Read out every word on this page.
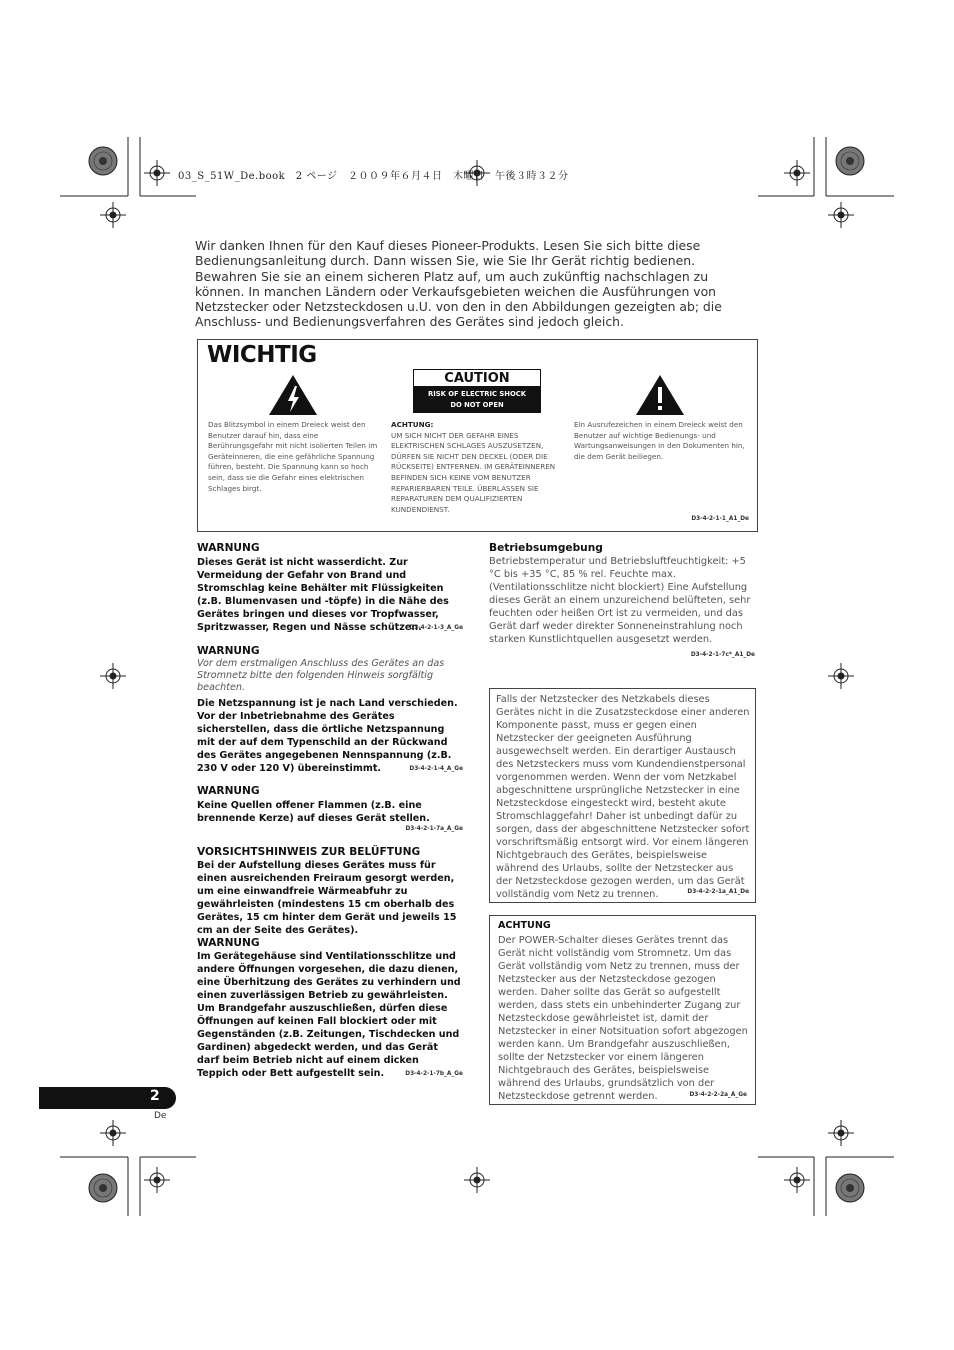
03_S_51W_De.book　2 ページ　２００９年６月４日　木曜日　午後３時３２分
Wir danken Ihnen für den Kauf dieses Pioneer-Produkts. Lesen Sie sich bitte diese Bedienungsanleitung durch. Dann wissen Sie, wie Sie Ihr Gerät richtig bedienen. Bewahren Sie sie an einem sicheren Platz auf, um auch zukünftig nachschlagen zu können. In manchen Ländern oder Verkaufsgebieten weichen die Ausführungen von Netzstecker oder Netzsteckdosen u.U. von den in den Abbildungen gezeigten ab; die Anschluss- und Bedienungsverfahren des Gerätes sind jedoch gleich.
WICHTIG
CAUTION
RISK OF ELECTRIC SHOCK
DO NOT OPEN
Das Blitzsymbol in einem Dreieck weist den Benutzer darauf hin, dass eine Berührungsgefahr mit nicht isolierten Teilen im Geräteinneren, die eine gefährliche Spannung führen, besteht. Die Spannung kann so hoch sein, dass sie die Gefahr eines elektrischen Schlages birgt.
ACHTUNG:
UM SICH NICHT DER GEFAHR EINES ELEKTRISCHEN SCHLAGES AUSZUSETZEN, DÜRFEN SIE NICHT DEN DECKEL (ODER DIE RÜCKSEITE) ENTFERNEN. IM GERÄTEINNEREN BEFINDEN SICH KEINE VOM BENUTZER REPARIERBAREN TEILE. ÜBERLASSEN SIE REPARATUREN DEM QUALIFIZIERTEN KUNDENDIENST.
Ein Ausrufezeichen in einem Dreieck weist den Benutzer auf wichtige Bedienungs- und Wartungsanweisungen in den Dokumenten hin, die dem Gerät beiliegen.
D3-4-2-1-1_A1_De
WARNUNG
Dieses Gerät ist nicht wasserdicht. Zur Vermeidung der Gefahr von Brand und Stromschlag keine Behälter mit Flüssigkeiten (z.B. Blumenvasen und -töpfe) in die Nähe des Gerätes bringen und dieses vor Tropfwasser, Spritzwasser, Regen und Nässe schützen.
D3-4-2-1-3_A_Ge
WARNUNG
Vor dem erstmaligen Anschluss des Gerätes an das Stromnetz bitte den folgenden Hinweis sorgfältig beachten.
Die Netzspannung ist je nach Land verschieden. Vor der Inbetriebnahme des Gerätes sicherstellen, dass die örtliche Netzspannung mit der auf dem Typenschild an der Rückwand des Gerätes angegebenen Nennspannung (z.B. 230 V oder 120 V) übereinstimmt.	D3-4-2-1-4_A_Ge
WARNUNG
Keine Quellen offener Flammen (z.B. eine brennende Kerze) auf dieses Gerät stellen.
D3-4-2-1-7a_A_Ge
VORSICHTSHINWEIS ZUR BELÜFTUNG
Bei der Aufstellung dieses Gerätes muss für einen ausreichenden Freiraum gesorgt werden, um eine einwandfreie Wärmeabfuhr zu gewährleisten (mindestens 15 cm oberhalb des Gerätes, 15 cm hinter dem Gerät und jeweils 15 cm an der Seite des Gerätes).
WARNUNG
Im Gerätegehäuse sind Ventilationsschlitze und andere Öffnungen vorgesehen, die dazu dienen, eine Überhitzung des Gerätes zu verhindern und einen zuverlässigen Betrieb zu gewährleisten. Um Brandgefahr auszuschließen, dürfen diese Öffnungen auf keinen Fall blockiert oder mit Gegenständen (z.B. Zeitungen, Tischdecken und Gardinen) abgedeckt werden, und das Gerät darf beim Betrieb nicht auf einem dicken Teppich oder Bett aufgestellt sein.	D3-4-2-1-7b_A_Ge
Betriebsumgebung
Betriebstemperatur und Betriebsluftfeuchtigkeit: +5 °C bis +35 °C, 85 % rel. Feuchte max. (Ventilationsschlitze nicht blockiert) Eine Aufstellung dieses Gerät an einem unzureichend belüfteten, sehr feuchten oder heißen Ort ist zu vermeiden, und das Gerät darf weder direkter Sonneneinstrahlung noch starken Kunstlichtquellen ausgesetzt werden.
D3-4-2-1-7c*_A1_De
Falls der Netzstecker des Netzkabels dieses Gerätes nicht in die Zusatzsteckdose einer anderen Komponente passt, muss er gegen einen Netzstecker der geeigneten Ausführung ausgewechselt werden. Ein derartiger Austausch des Netzsteckers muss vom Kundendienstpersonal vorgenommen werden. Wenn der vom Netzkabel abgeschnittene ursprüngliche Netzstecker in eine Netzsteckdose eingesteckt wird, besteht akute Stromschlaggefahr! Daher ist unbedingt dafür zu sorgen, dass der abgeschnittene Netzstecker sofort vorschriftsmäßig entsorgt wird. Vor einem längeren Nichtgebrauch des Gerätes, beispielsweise während des Urlaubs, sollte der Netzstecker aus der Netzsteckdose gezogen werden, um das Gerät vollständig vom Netz zu trennen.	D3-4-2-2-1a_A1_De
ACHTUNG
Der POWER-Schalter dieses Gerätes trennt das Gerät nicht vollständig vom Stromnetz. Um das Gerät vollständig vom Netz zu trennen, muss der Netzstecker aus der Netzsteckdose gezogen werden. Daher sollte das Gerät so aufgestellt werden, dass stets ein unbehinderter Zugang zur Netzsteckdose gewährleistet ist, damit der Netzstecker in einer Notsituation sofort abgezogen werden kann. Um Brandgefahr auszuschließen, sollte der Netzstecker vor einem längeren Nichtgebrauch des Gerätes, beispielsweise während des Urlaubs, grundsätzlich von der Netzsteckdose getrennt werden.	D3-4-2-2-2a_A_Ge
2
De
